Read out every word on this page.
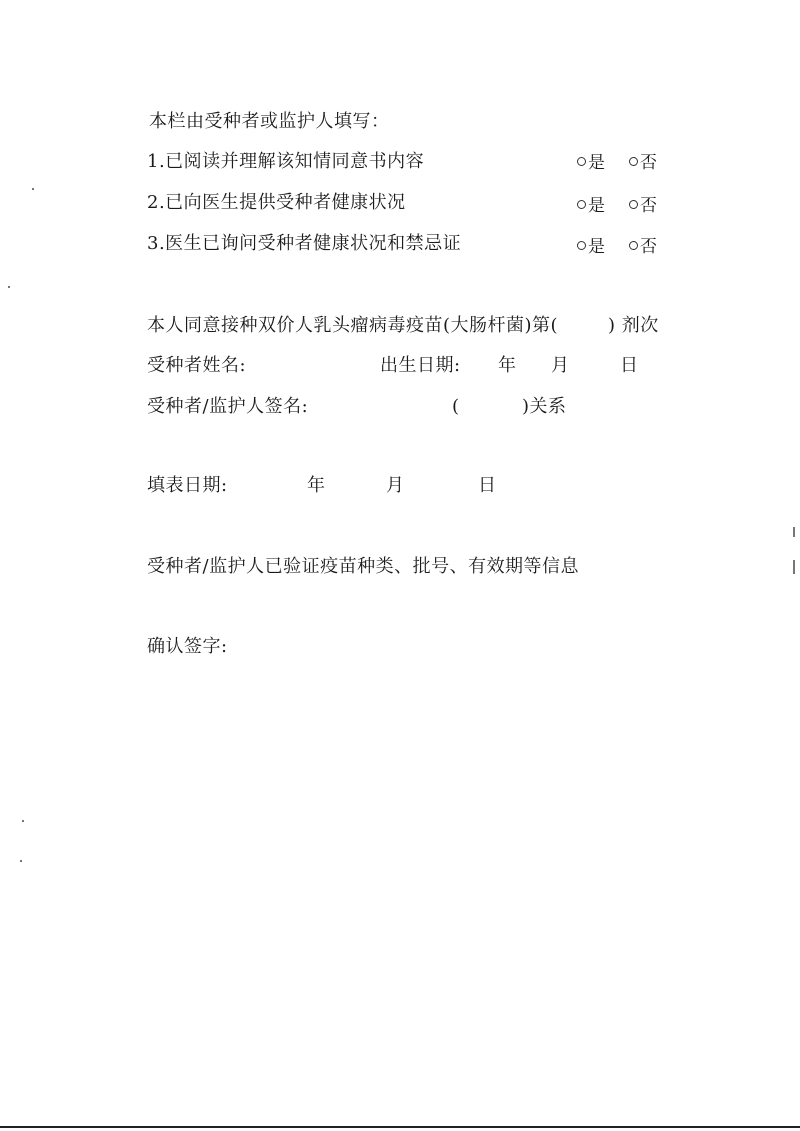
本栏由受种者或监护人填写：
1.已阅读并理解该知情同意书内容	是	否
2.已向医生提供受种者健康状况	是	否
3.医生已询问受种者健康状况和禁忌证	是	否
本人同意接种双价人乳头瘤病毒疫苗(大肠杆菌)第(	) 剂次
受种者姓名:	出生日期: 年 月	日
受种者/监护人签名:	(	)关系
填表日期:	年	月	日
受种者/监护人已验证疫苗种类、批号、有效期等信息
确认签字:
